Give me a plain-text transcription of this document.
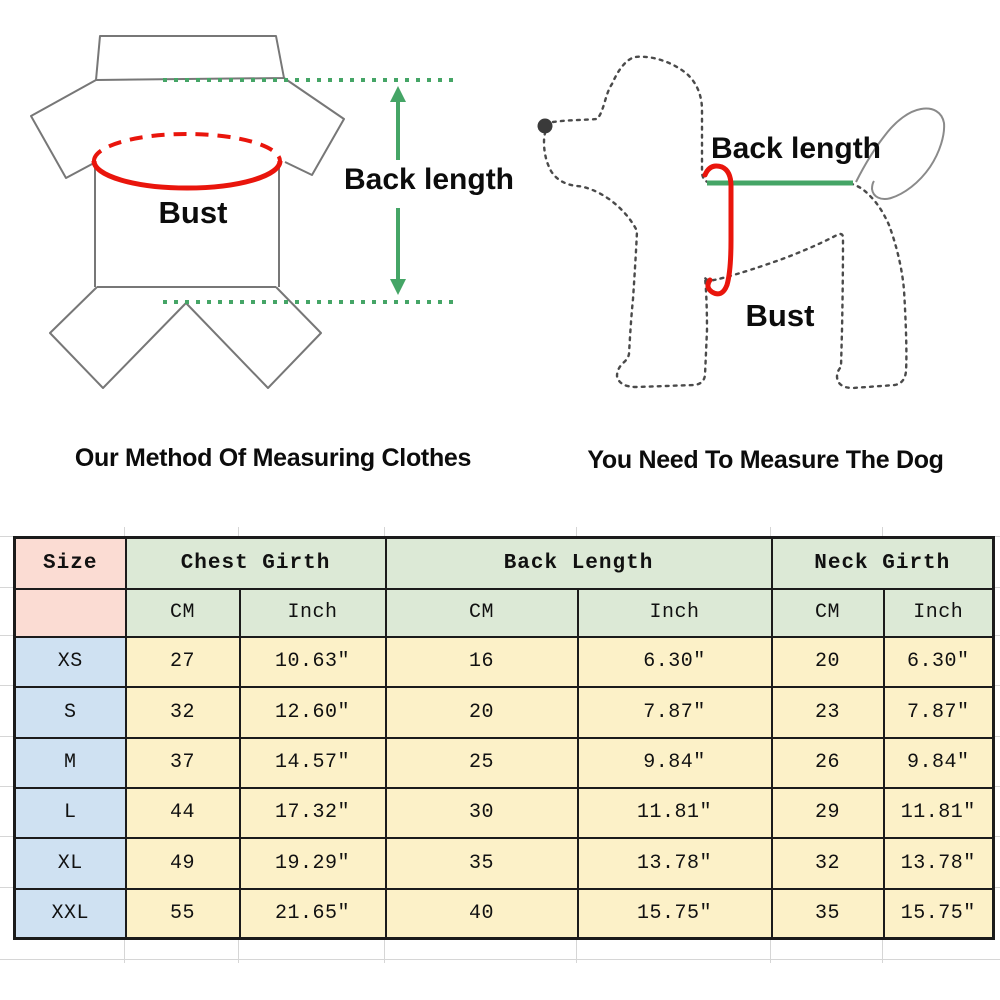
Back length
Bust
Back length
Bust
Our Method Of Measuring Clothes	You Need To Measure The Dog
Size	Chest Girth		Back Length		Neck Girth	
	CM	Inch	CM	Inch	CM	Inch
XS	27	10.63″	16	6.30″	20	6.30″
S	32	12.60″	20	7.87″	23	7.87″
M	37	14.57″	25	9.84″	26	9.84″
L	44	17.32″	30	11.81″	29	11.81″
XL	49	19.29″	35	13.78″	32	13.78″
XXL	55	21.65″	40	15.75″	35	15.75″
